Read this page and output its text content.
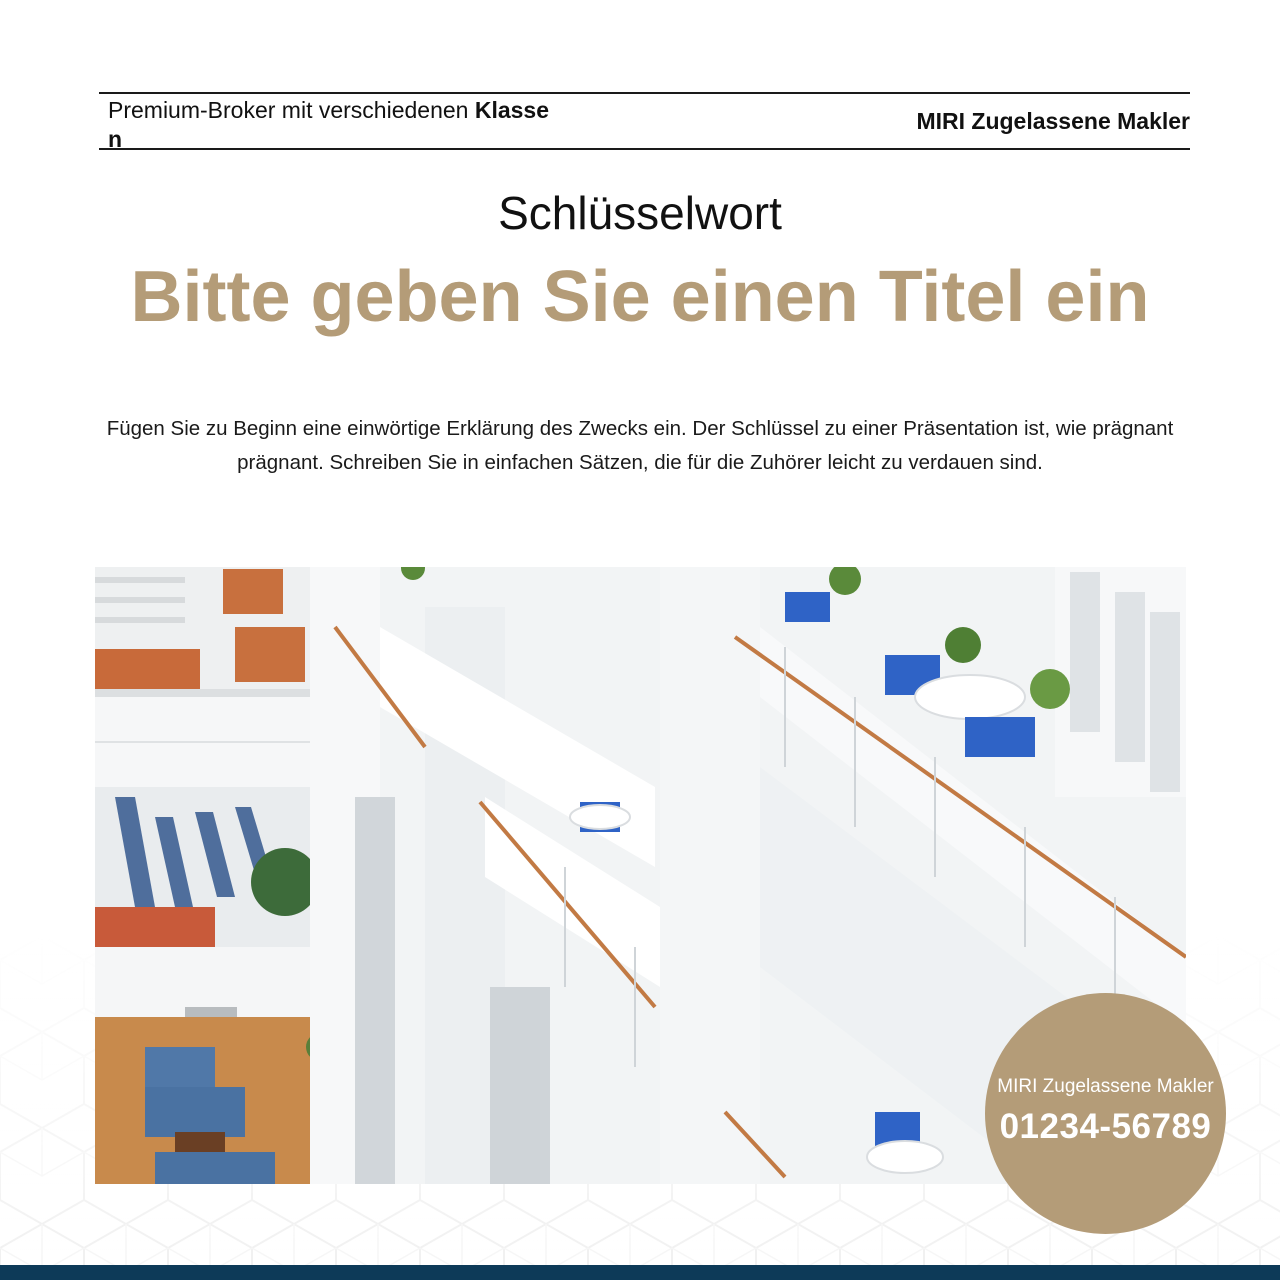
Premium-Broker mit verschiedenen Klasse
n
MIRI Zugelassene Makler
Schlüsselwort
Bitte geben Sie einen Titel ein
Fügen Sie zu Beginn eine einwörtige Erklärung des Zwecks ein. Der Schlüssel zu einer Präsentation ist, wie prägnant
prägnant. Schreiben Sie in einfachen Sätzen, die für die Zuhörer leicht zu verdauen sind.
MIRI Zugelassene Makler
01234-56789
